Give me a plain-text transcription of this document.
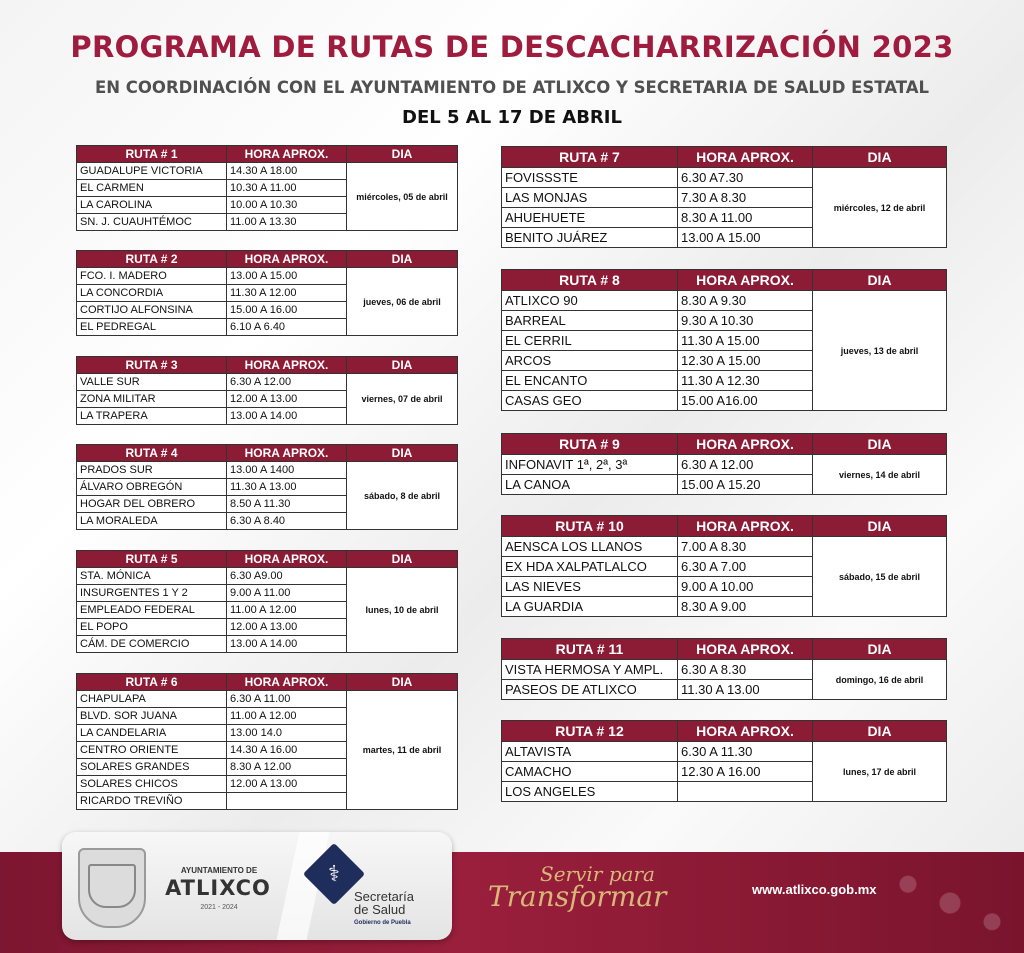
PROGRAMA DE RUTAS DE DESCACHARRIZACIÓN 2023
EN COORDINACIÓN CON EL AYUNTAMIENTO DE ATLIXCO Y SECRETARIA DE SALUD ESTATAL
DEL 5 AL 17 DE ABRIL
RUTA # 1	HORA APROX.	DIA
GUADALUPE VICTORIA	14.30 A 18.00	miércoles, 05 de abril
EL CARMEN	10.30 A 11.00	
LA CAROLINA	10.00 A 10.30	
SN. J. CUAUHTÉMOC	11.00 A 13.30	
RUTA # 2	HORA APROX.	DIA
FCO. I. MADERO	13.00 A 15.00	jueves, 06 de abril
LA CONCORDIA	11.30 A 12.00	
CORTIJO ALFONSINA	15.00 A 16.00	
EL PEDREGAL	6.10 A 6.40	
RUTA # 3	HORA APROX.	DIA
VALLE SUR	6.30 A 12.00	viernes, 07 de abril
ZONA MILITAR	12.00 A 13.00	
LA TRAPERA	13.00 A 14.00	
RUTA # 4	HORA APROX.	DIA
PRADOS SUR	13.00 A 1400	sábado, 8 de abril
ÁLVARO OBREGÓN	11.30 A 13.00	
HOGAR DEL OBRERO	8.50 A 11.30	
LA MORALEDA	6.30 A 8.40	
RUTA # 5	HORA APROX.	DIA
STA. MÓNICA	6.30 A9.00	lunes, 10 de abril
INSURGENTES 1 Y 2	9.00 A 11.00	
EMPLEADO FEDERAL	11.00 A 12.00	
EL POPO	12.00 A 13.00	
CÁM. DE COMERCIO	13.00 A 14.00	
RUTA # 6	HORA APROX.	DIA
CHAPULAPA	6.30 A 11.00	martes, 11 de abril
BLVD. SOR JUANA	11.00 A 12.00	
LA CANDELARIA	13.00 14.0	
CENTRO ORIENTE	14.30 A 16.00	
SOLARES GRANDES	8.30 A 12.00	
SOLARES CHICOS	12.00 A 13.00	
RICARDO TREVIÑO		
RUTA # 7	HORA APROX.	DIA
FOVISSSTE	6.30 A7.30	miércoles, 12 de abril
LAS MONJAS	7.30 A 8.30	
AHUEHUETE	8.30 A 11.00	
BENITO JUÁREZ	13.00 A 15.00	
RUTA # 8	HORA APROX.	DIA
ATLIXCO 90	8.30 A 9.30	jueves, 13 de abril
BARREAL	9.30 A 10.30	
EL CERRIL	11.30 A 15.00	
ARCOS	12.30 A 15.00	
EL ENCANTO	11.30 A 12.30	
CASAS GEO	15.00 A16.00	
RUTA # 9	HORA APROX.	DIA
INFONAVIT 1ª, 2ª, 3ª	6.30 A 12.00	viernes, 14 de abril
LA CANOA	15.00 A 15.20	
RUTA # 10	HORA APROX.	DIA
AENSCA LOS LLANOS	7.00 A 8.30	sábado, 15 de abril
EX HDA XALPATLALCO	6.30 A 7.00	
LAS NIEVES	9.00 A 10.00	
LA GUARDIA	8.30 A 9.00	
RUTA # 11	HORA APROX.	DIA
VISTA HERMOSA Y AMPL.	6.30 A 8.30	domingo, 16 de abril
PASEOS DE ATLIXCO	11.30 A 13.00	
RUTA # 12	HORA APROX.	DIA
ALTAVISTA	6.30 A 11.30	lunes, 17 de abril
CAMACHO	12.30 A 16.00	
LOS ANGELES		
AYUNTAMIENTO DE
ATLIXCO
2021 - 2024
⚕
Secretaría
de Salud
Gobierno de Puebla
Servir para
Transformar	www.atlixco.gob.mx
